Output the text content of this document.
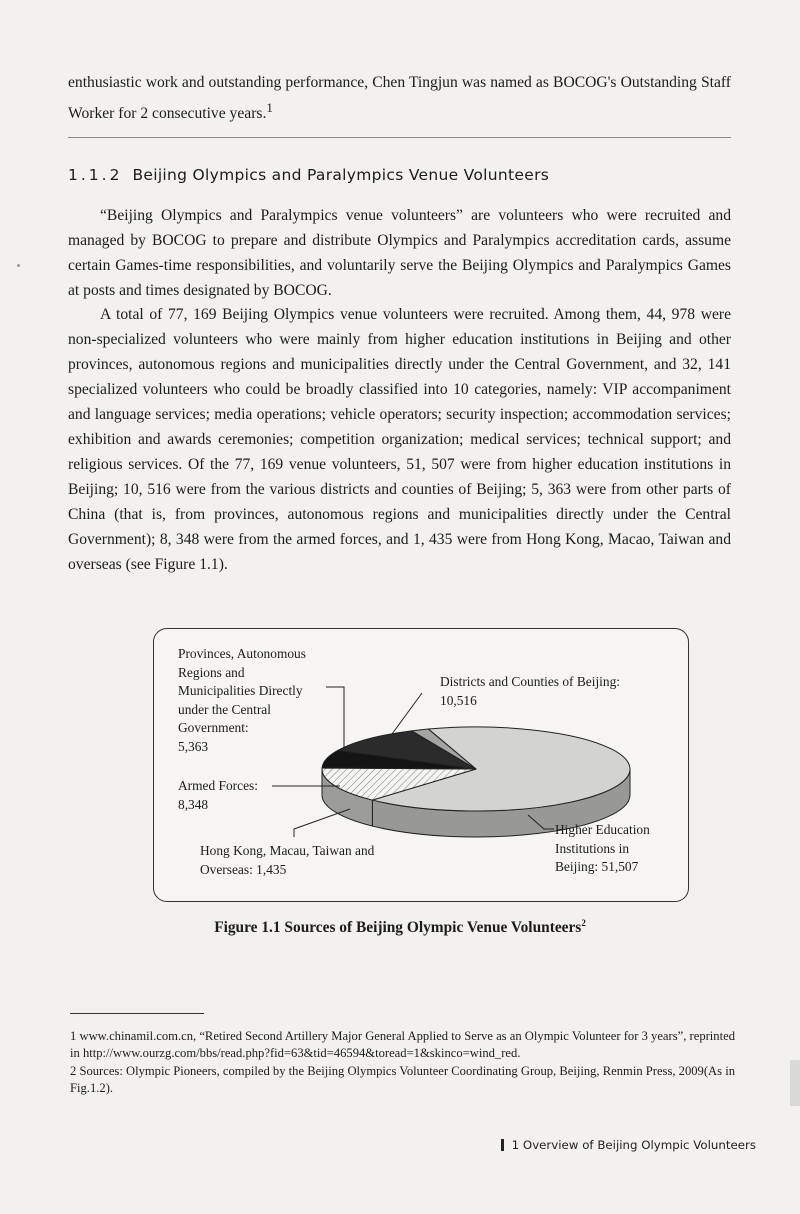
enthusiastic work and outstanding performance, Chen Tingjun was named as BOCOG's Outstanding Staff Worker for 2 consecutive years.$^1$

1.1.2 Beijing Olympics and Paralympics Venue Volunteers

“Beijing Olympics and Paralympics venue volunteers” are volunteers who were recruited and managed by BOCOG to prepare and distribute Olympics and Paralympics accreditation cards, assume certain Games-time responsibilities, and voluntarily serve the Beijing Olympics and Paralympics Games at posts and times designated by BOCOG.

A total of 77, 169 Beijing Olympics venue volunteers were recruited. Among them, 44, 978 were non-specialized volunteers who were mainly from higher education institutions in Beijing and other provinces, autonomous regions and municipalities directly under the Central Government, and 32, 141 specialized volunteers who could be broadly classified into 10 categories, namely: VIP accompaniment and language services; media operations; vehicle operators; security inspection; accommodation services; exhibition and awards ceremonies; competition organization; medical services; technical support; and religious services. Of the 77, 169 venue volunteers, 51, 507 were from higher education institutions in Beijing; 10, 516 were from the various districts and counties of Beijing; 5, 363 were from other parts of China (that is, from provinces, autonomous regions and municipalities directly under the Central Government); 8, 348 were from the armed forces, and 1, 435 were from Hong Kong, Macao, Taiwan and overseas (see Figure 1.1).

Provinces, Autonomous
Regions and
Municipalities Directly
under the Central
Government:
5,363

Districts and Counties of Beijing:
10,516

Armed Forces:
8,348

Hong Kong, Macau, Taiwan and
Overseas: 1,435

Higher Education
Institutions in
Beijing: 51,507

Figure 1.1 Sources of Beijing Olympic Venue Volunteers$^2$

1 www.chinamil.com.cn, “Retired Second Artillery Major General Applied to Serve as an Olympic Volunteer for 3 years”, reprinted in http://www.ourzg.com/bbs/read.php?fid=63&tid=46594&toread=1&skinco=wind_red.

2 Sources: Olympic Pioneers, compiled by the Beijing Olympics Volunteer Coordinating Group, Beijing, Renmin Press, 2009(As in Fig.1.2).

1 Overview of Beijing Olympic Volunteers
